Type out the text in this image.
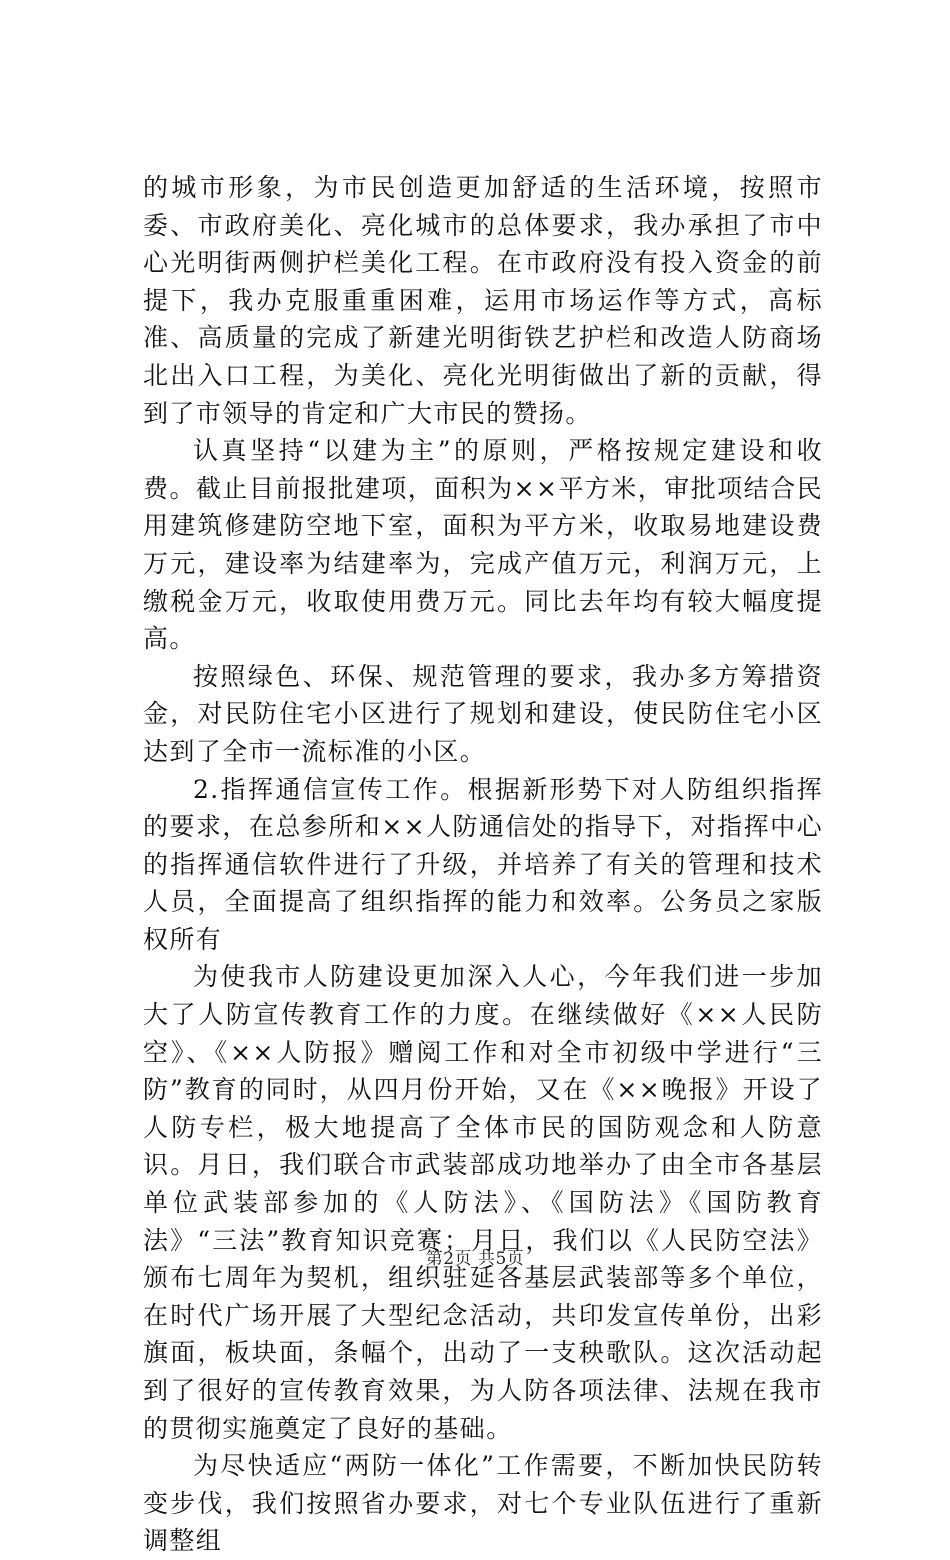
的城市形象，为市民创造更加舒适的生活环境，按照市委、市政府美化、亮化城市的总体要求，我办承担了市中心光明街两侧护栏美化工程。在市政府没有投入资金的前提下，我办克服重重困难，运用市场运作等方式，高标准、高质量的完成了新建光明街铁艺护栏和改造人防商场北出入口工程，为美化、亮化光明街做出了新的贡献，得到了市领导的肯定和广大市民的赞扬。

认真坚持“以建为主”的原则，严格按规定建设和收费。截止目前报批建项，面积为××平方米，审批项结合民用建筑修建防空地下室，面积为平方米，收取易地建设费万元，建设率为结建率为，完成产值万元，利润万元，上缴税金万元，收取使用费万元。同比去年均有较大幅度提高。

按照绿色、环保、规范管理的要求，我办多方筹措资金，对民防住宅小区进行了规划和建设，使民防住宅小区达到了全市一流标准的小区。

2.指挥通信宣传工作。根据新形势下对人防组织指挥的要求，在总参所和××人防通信处的指导下，对指挥中心的指挥通信软件进行了升级，并培养了有关的管理和技术人员，全面提高了组织指挥的能力和效率。公务员之家版权所有

为使我市人防建设更加深入人心，今年我们进一步加大了人防宣传教育工作的力度。在继续做好《××人民防空》、《××人防报》赠阅工作和对全市初级中学进行“三防”教育的同时，从四月份开始，又在《××晚报》开设了人防专栏，极大地提高了全体市民的国防观念和人防意识。月日，我们联合市武装部成功地举办了由全市各基层单位武装部参加的《人防法》、《国防法》《国防教育法》“三法”教育知识竞赛；月日，我们以《人民防空法》颁布七周年为契机，组织驻延各基层武装部等多个单位，在时代广场开展了大型纪念活动，共印发宣传单份，出彩旗面，板块面，条幅个，出动了一支秧歌队。这次活动起到了很好的宣传教育效果，为人防各项法律、法规在我市的贯彻实施奠定了良好的基础。

为尽快适应“两防一体化”工作需要，不断加快民防转变步伐，我们按照省办要求，对七个专业队伍进行了重新调整组

第2页 共5页
